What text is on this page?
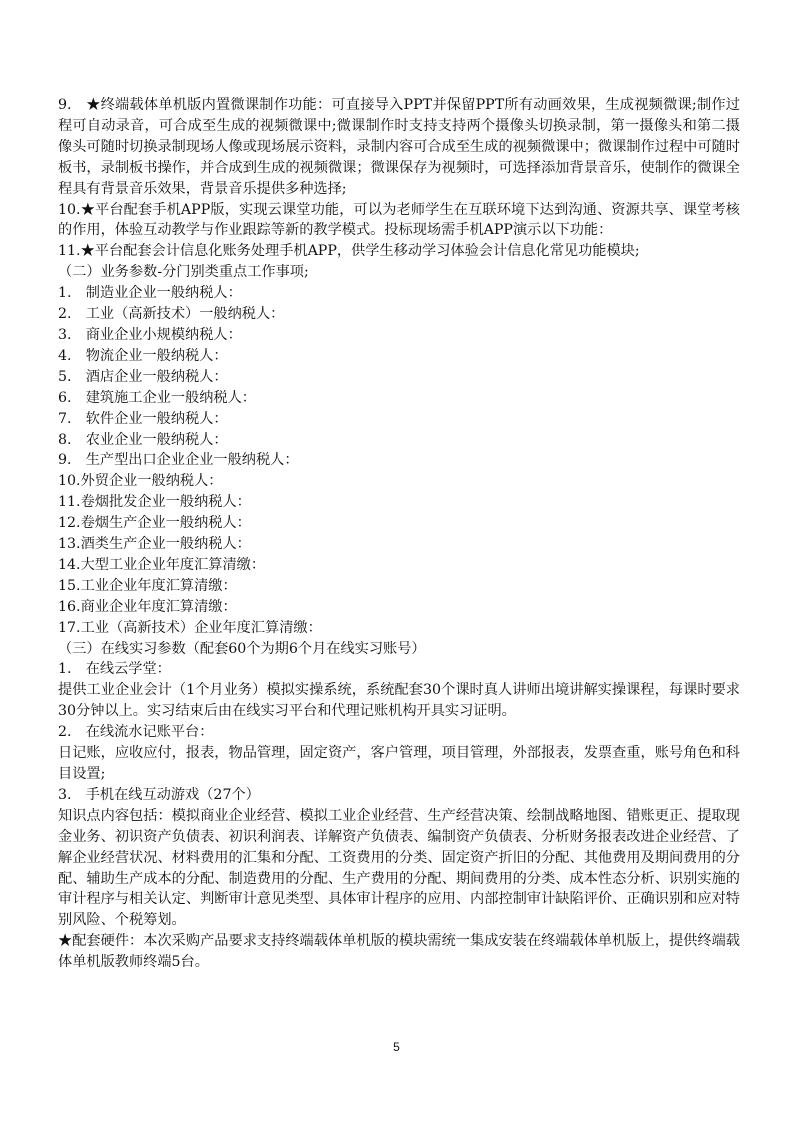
9.　★终端载体单机版内置微课制作功能：可直接导入PPT并保留PPT所有动画效果，生成视频微课;制作过程可自动录音，可合成至生成的视频微课中;微课制作时支持支持两个摄像头切换录制，第一摄像头和第二摄像头可随时切换录制现场人像或现场展示资料，录制内容可合成至生成的视频微课中；微课制作过程中可随时板书，录制板书操作，并合成到生成的视频微课；微课保存为视频时，可选择添加背景音乐，使制作的微课全程具有背景音乐效果，背景音乐提供多种选择;

10.★平台配套手机APP版，实现云课堂功能，可以为老师学生在互联环境下达到沟通、资源共享、课堂考核的作用，体验互动教学与作业跟踪等新的教学模式。投标现场需手机APP演示以下功能：

11.★平台配套会计信息化账务处理手机APP，供学生移动学习体验会计信息化常见功能模块;

（二）业务参数-分门别类重点工作事项;

1.　制造业企业一般纳税人：

2.　工业（高新技术）一般纳税人：

3.　商业企业小规模纳税人：

4.　物流企业一般纳税人：

5.　酒店企业一般纳税人：

6.　建筑施工企业一般纳税人：

7.　软件企业一般纳税人：

8.　农业企业一般纳税人：

9.　生产型出口企业企业一般纳税人：

10.外贸企业一般纳税人：

11.卷烟批发企业一般纳税人：

12.卷烟生产企业一般纳税人：

13.酒类生产企业一般纳税人：

14.大型工业企业年度汇算清缴：

15.工业企业年度汇算清缴：

16.商业企业年度汇算清缴：

17.工业（高新技术）企业年度汇算清缴：

（三）在线实习参数（配套60个为期6个月在线实习账号）

1.　在线云学堂：

提供工业企业会计（1个月业务）模拟实操系统，系统配套30个课时真人讲师出境讲解实操课程，每课时要求30分钟以上。实习结束后由在线实习平台和代理记账机构开具实习证明。

2.　在线流水记账平台：

日记账，应收应付，报表，物品管理，固定资产，客户管理，项目管理，外部报表，发票查重，账号角色和科目设置;

3.　手机在线互动游戏（27个）

知识点内容包括：模拟商业企业经营、模拟工业企业经营、生产经营决策、绘制战略地图、错账更正、提取现金业务、初识资产负债表、初识利润表、详解资产负债表、编制资产负债表、分析财务报表改进企业经营、了解企业经营状况、材料费用的汇集和分配、工资费用的分类、固定资产折旧的分配、其他费用及期间费用的分配、辅助生产成本的分配、制造费用的分配、生产费用的分配、期间费用的分类、成本性态分析、识别实施的审计程序与相关认定、判断审计意见类型、具体审计程序的应用、内部控制审计缺陷评价、正确识别和应对特别风险、个税筹划。

★配套硬件：本次采购产品要求支持终端载体单机版的模块需统一集成安装在终端载体单机版上，提供终端载体单机版教师终端5台。

5
